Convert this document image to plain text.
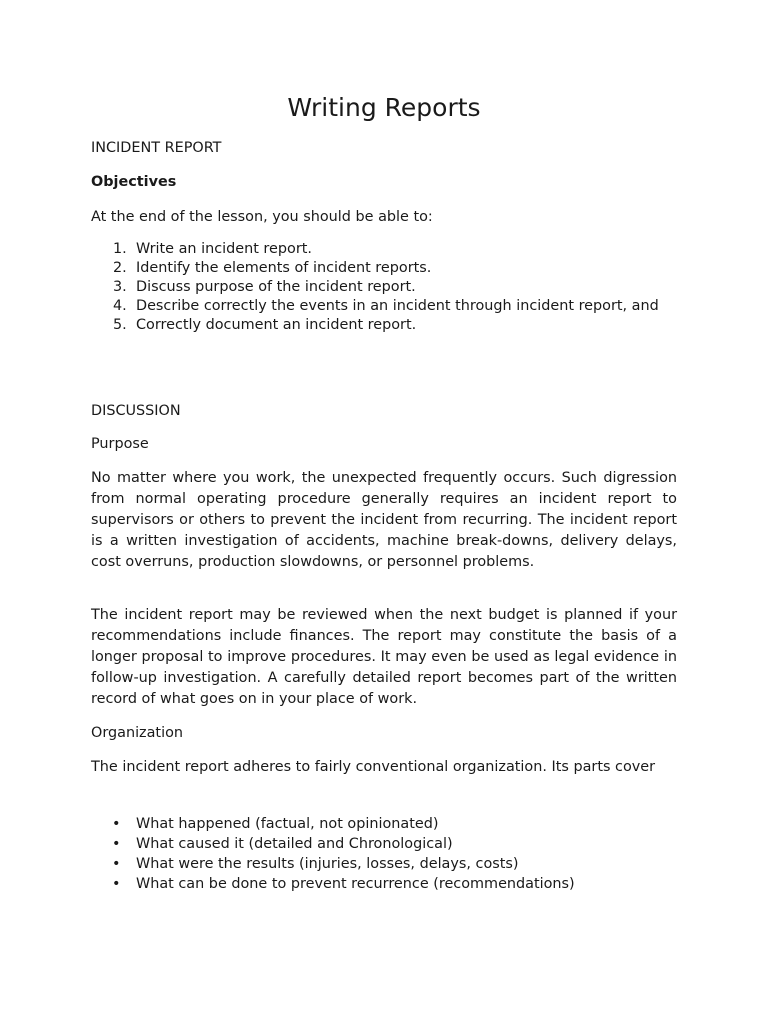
Writing Reports

INCIDENT REPORT

Objectives

At the end of the lesson, you should be able to:

1. Write an incident report.
2. Identify the elements of incident reports.
3. Discuss purpose of the incident report.
4. Describe correctly the events in an incident through incident report, and
5. Correctly document an incident report.

DISCUSSION

Purpose

No matter where you work, the unexpected frequently occurs. Such digression from normal operating procedure generally requires an incident report to supervisors or others to prevent the incident from recurring. The incident report is a written investigation of accidents, machine break-downs, delivery delays, cost overruns, production slowdowns, or personnel problems.

The incident report may be reviewed when the next budget is planned if your recommendations include finances. The report may constitute the basis of a longer proposal to improve procedures. It may even be used as legal evidence in follow-up investigation. A carefully detailed report becomes part of the written record of what goes on in your place of work.

Organization

The incident report adheres to fairly conventional organization. Its parts cover

• What happened (factual, not opinionated)
• What caused it (detailed and Chronological)
• What were the results (injuries, losses, delays, costs)
• What can be done to prevent recurrence (recommendations)
